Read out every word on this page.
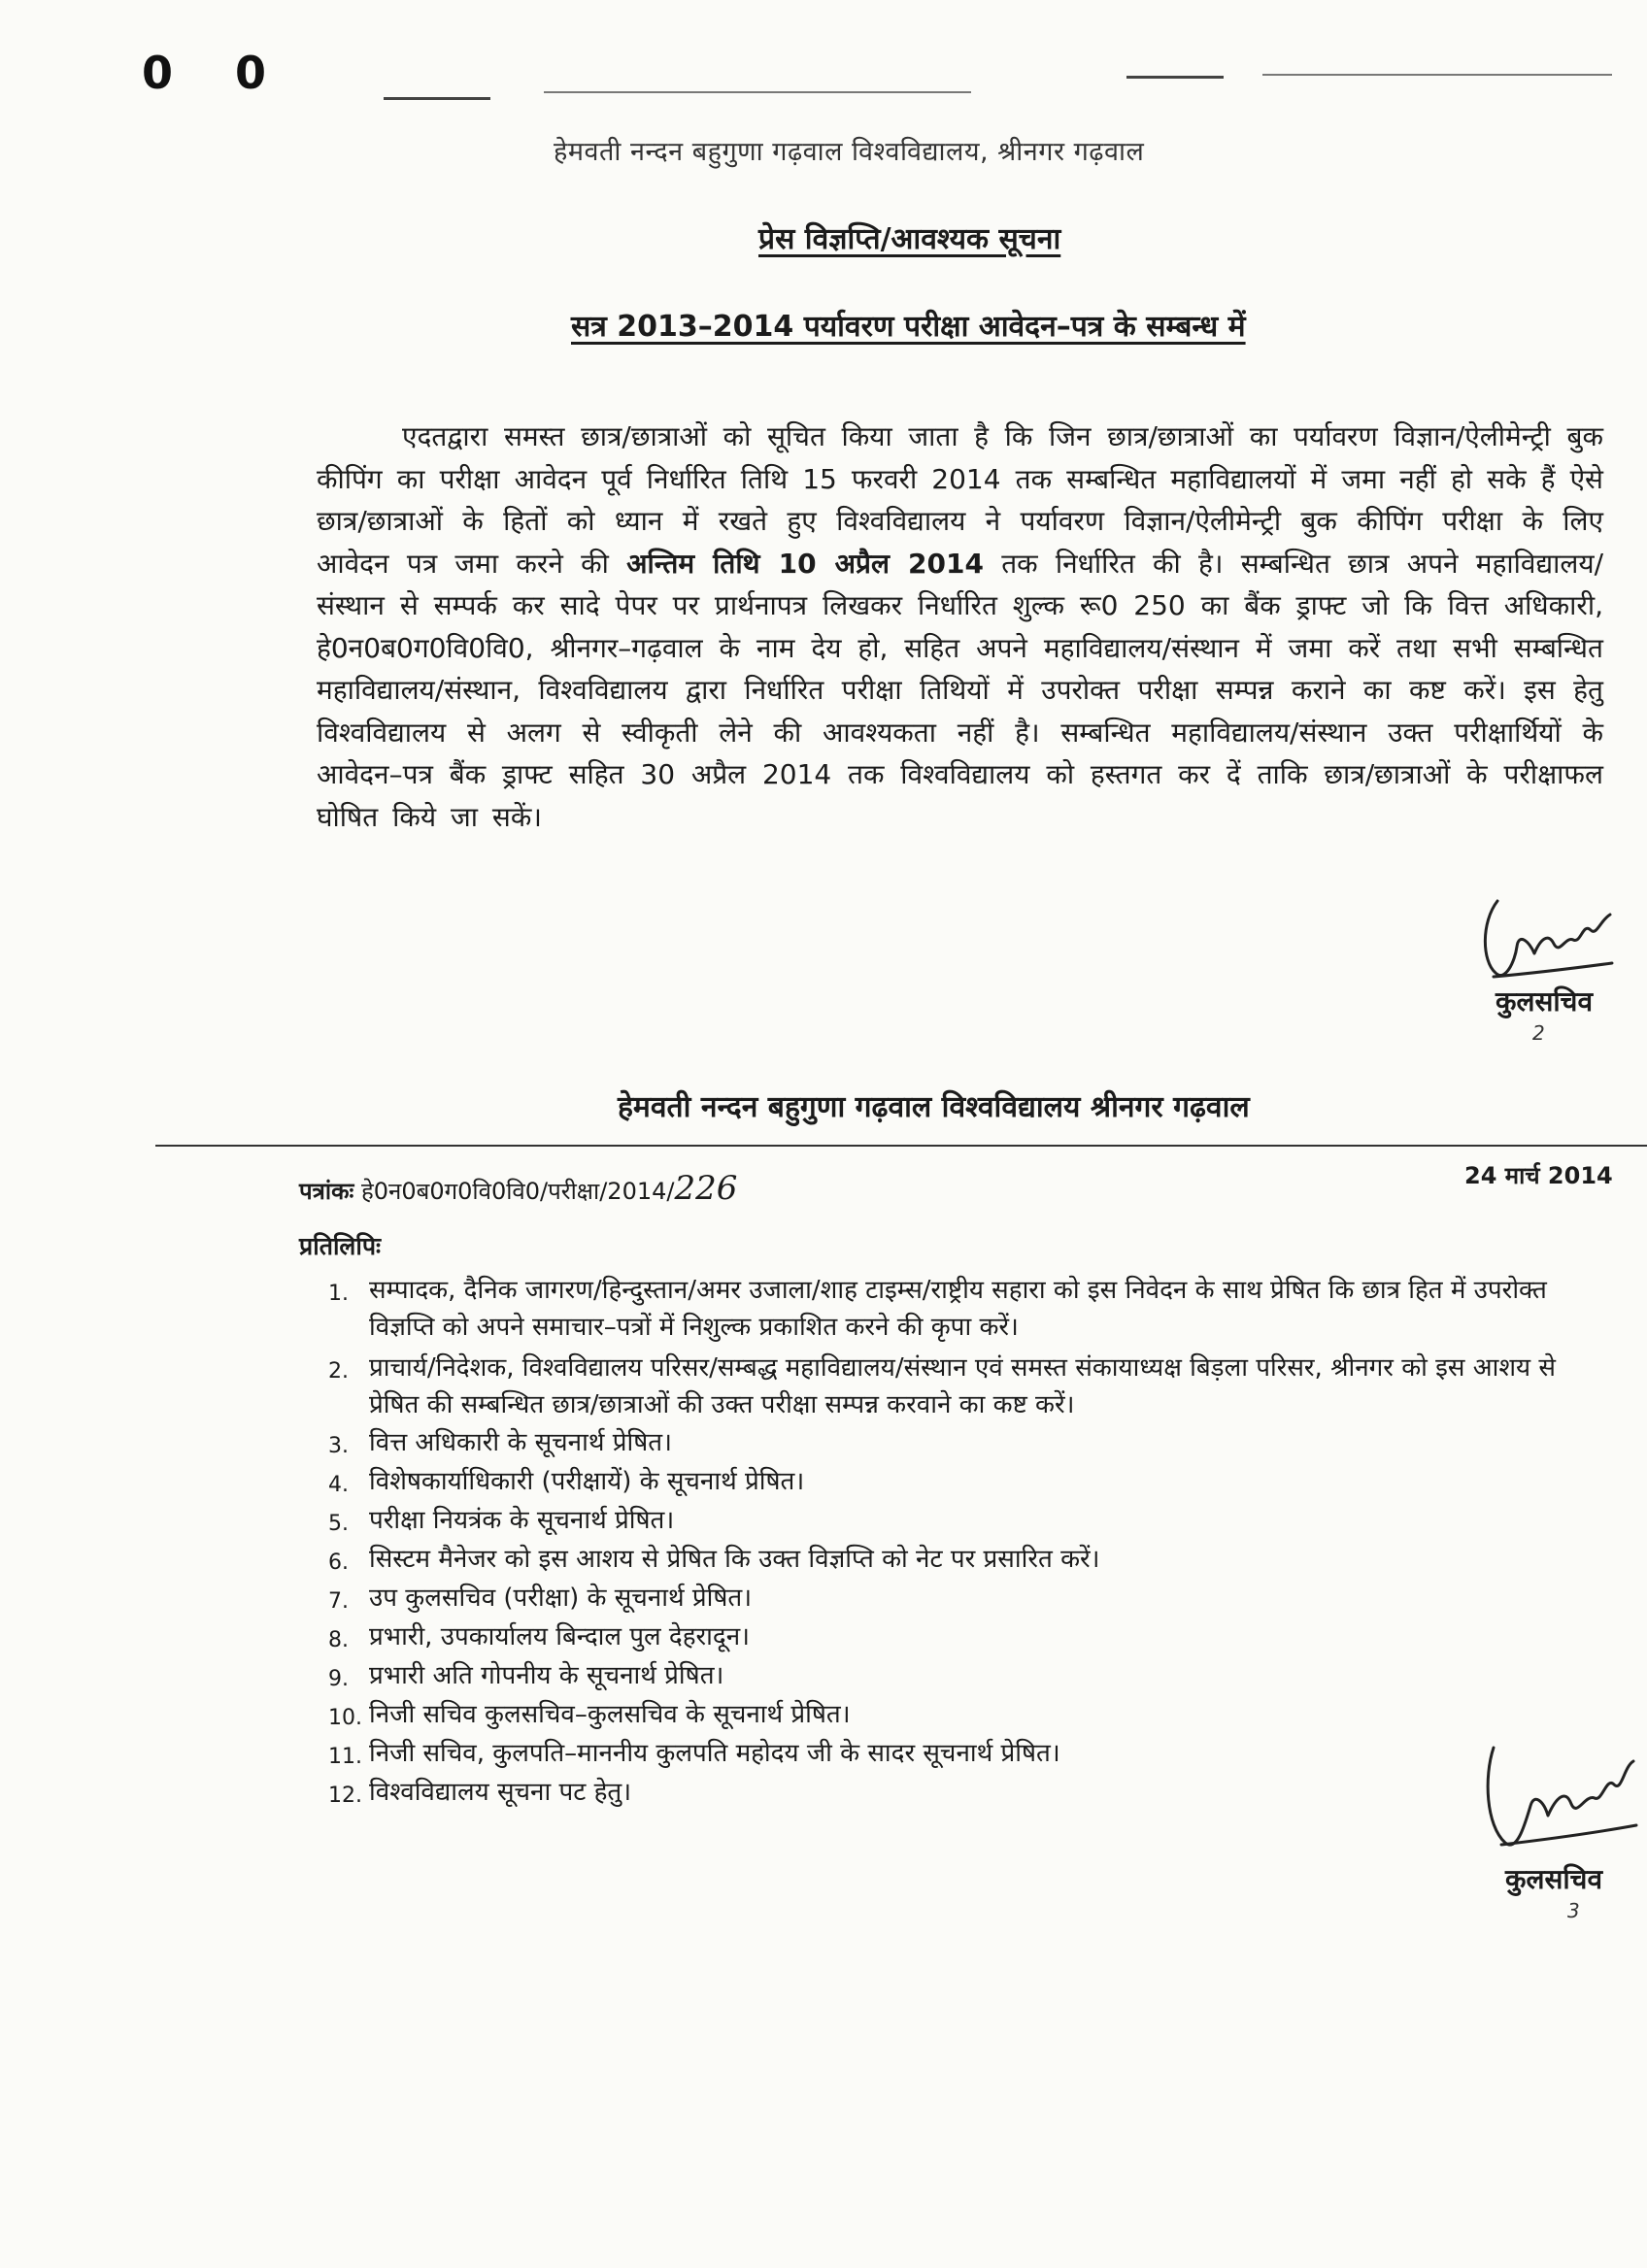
0 0
हेमवती नन्दन बहुगुणा गढ़वाल विश्वविद्यालय, श्रीनगर गढ़वाल
प्रेस विज्ञप्ति/आवश्यक सूचना
सत्र 2013–2014 पर्यावरण परीक्षा आवेदन–पत्र के सम्बन्ध में
एदतद्वारा समस्त छात्र/छात्राओं को सूचित किया जाता है कि जिन छात्र/छात्राओं का पर्यावरण विज्ञान/ऐलीमेन्ट्री बुक कीपिंग का परीक्षा आवेदन पूर्व निर्धारित तिथि 15 फरवरी 2014 तक सम्बन्धित महाविद्यालयों में जमा नहीं हो सके हैं ऐसे छात्र/छात्राओं के हितों को ध्यान में रखते हुए विश्वविद्यालय ने पर्यावरण विज्ञान/ऐलीमेन्ट्री बुक कीपिंग परीक्षा के लिए आवेदन पत्र जमा करने की अन्तिम तिथि 10 अप्रैल 2014 तक निर्धारित की है। सम्बन्धित छात्र अपने महाविद्यालय/संस्थान से सम्पर्क कर सादे पेपर पर प्रार्थनापत्र लिखकर निर्धारित शुल्क रू0 250 का बैंक ड्राफ्ट जो कि वित्त अधिकारी, हे0न0ब0ग0वि0वि0, श्रीनगर–गढ़वाल के नाम देय हो, सहित अपने महाविद्यालय/संस्थान में जमा करें तथा सभी सम्बन्धित महाविद्यालय/संस्थान, विश्वविद्यालय द्वारा निर्धारित परीक्षा तिथियों में उपरोक्त परीक्षा सम्पन्न कराने का कष्ट करें। इस हेतु विश्वविद्यालय से अलग से स्वीकृती लेने की आवश्यकता नहीं है। सम्बन्धित महाविद्यालय/संस्थान उक्त परीक्षार्थियों के आवेदन–पत्र बैंक ड्राफ्ट सहित 30 अप्रैल 2014 तक विश्वविद्यालय को हस्तगत कर दें ताकि छात्र/छात्राओं के परीक्षाफल घोषित किये जा सकें।
कुलसचिव
2
हेमवती नन्दन बहुगुणा गढ़वाल विश्वविद्यालय श्रीनगर गढ़वाल
पत्रांकः हे0न0ब0ग0वि0वि0/परीक्षा/2014/226	24 मार्च 2014
प्रतिलिपिः
1. सम्पादक, दैनिक जागरण/हिन्दुस्तान/अमर उजाला/शाह टाइम्स/राष्ट्रीय सहारा को इस निवेदन के साथ प्रेषित कि छात्र हित में उपरोक्त विज्ञप्ति को अपने समाचार–पत्रों में निशुल्क प्रकाशित करने की कृपा करें।
2. प्राचार्य/निदेशक, विश्वविद्यालय परिसर/सम्बद्ध महाविद्यालय/संस्थान एवं समस्त संकायाध्यक्ष बिड़ला परिसर, श्रीनगर को इस आशय से प्रेषित की सम्बन्धित छात्र/छात्राओं की उक्त परीक्षा सम्पन्न करवाने का कष्ट करें।
3. वित्त अधिकारी के सूचनार्थ प्रेषित।
4. विशेषकार्याधिकारी (परीक्षायें) के सूचनार्थ प्रेषित।
5. परीक्षा नियत्रंक के सूचनार्थ प्रेषित।
6. सिस्टम मैनेजर को इस आशय से प्रेषित कि उक्त विज्ञप्ति को नेट पर प्रसारित करें।
7. उप कुलसचिव (परीक्षा) के सूचनार्थ प्रेषित।
8. प्रभारी, उपकार्यालय बिन्दाल पुल देहरादून।
9. प्रभारी अति गोपनीय के सूचनार्थ प्रेषित।
10. निजी सचिव कुलसचिव–कुलसचिव के सूचनार्थ प्रेषित।
11. निजी सचिव, कुलपति–माननीय कुलपति महोदय जी के सादर सूचनार्थ प्रेषित।
12. विश्वविद्यालय सूचना पट हेतु।
कुलसचिव
3
